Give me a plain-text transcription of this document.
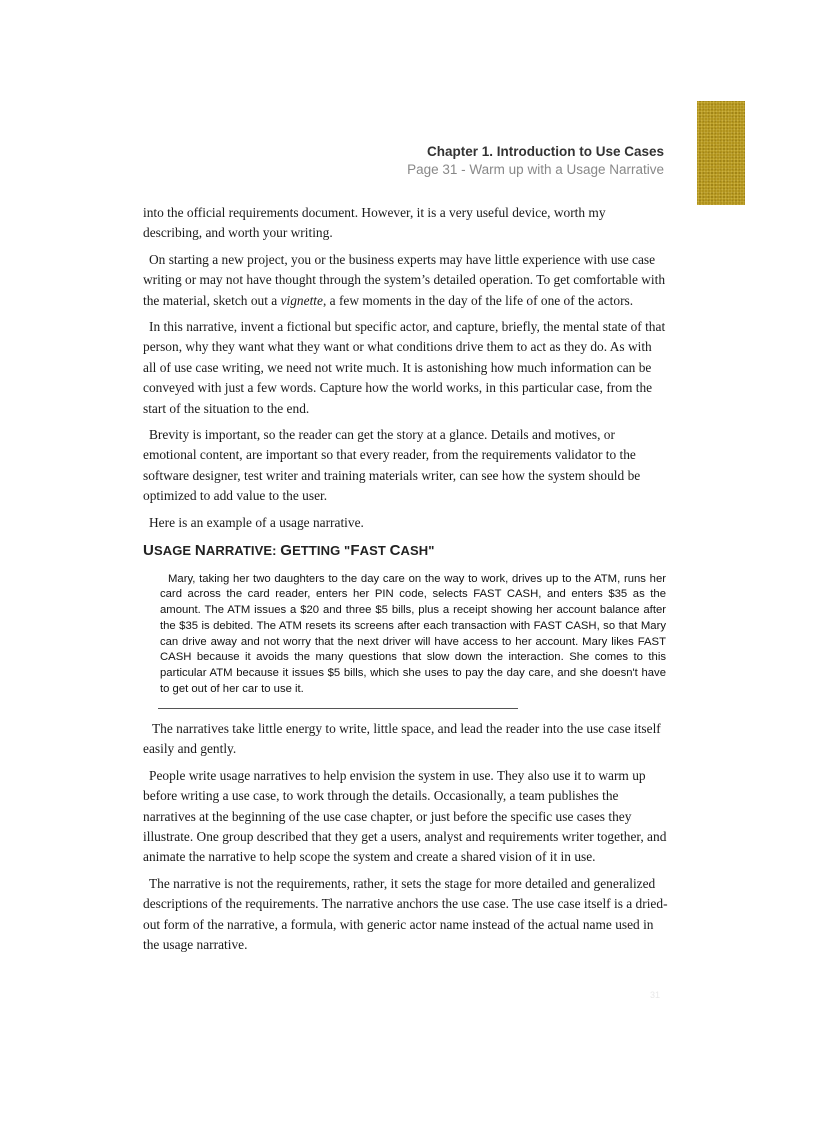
Chapter 1. Introduction to Use Cases
Page 31 - Warm up with a Usage Narrative

into the official requirements document. However, it is a very useful device, worth my describing, and worth your writing.

On starting a new project, you or the business experts may have little experience with use case writing or may not have thought through the system’s detailed operation. To get comfortable with the material, sketch out a vignette, a few moments in the day of the life of one of the actors.

In this narrative, invent a fictional but specific actor, and capture, briefly, the mental state of that person, why they want what they want or what conditions drive them to act as they do. As with all of use case writing, we need not write much. It is astonishing how much information can be conveyed with just a few words. Capture how the world works, in this particular case, from the start of the situation to the end.

Brevity is important, so the reader can get the story at a glance. Details and motives, or emotional content, are important so that every reader, from the requirements validator to the software designer, test writer and training materials writer, can see how the system should be optimized to add value to the user.

Here is an example of a usage narrative.

USAGE NARRATIVE: GETTING "FAST CASH"
Mary, taking her two daughters to the day care on the way to work, drives up to the ATM, runs her card across the card reader, enters her PIN code, selects FAST CASH, and enters $35 as the amount. The ATM issues a $20 and three $5 bills, plus a receipt showing her account balance after the $35 is debited. The ATM resets its screens after each transaction with FAST CASH, so that Mary can drive away and not worry that the next driver will have access to her account. Mary likes FAST CASH because it avoids the many questions that slow down the interaction. She comes to this particular ATM because it issues $5 bills, which she uses to pay the day care, and she doesn't have to get out of her car to use it.

The narratives take little energy to write, little space, and lead the reader into the use case itself easily and gently.

People write usage narratives to help envision the system in use. They also use it to warm up before writing a use case, to work through the details. Occasionally, a team publishes the narratives at the beginning of the use case chapter, or just before the specific use cases they illustrate. One group described that they get a users, analyst and requirements writer together, and animate the narrative to help scope the system and create a shared vision of it in use.

The narrative is not the requirements, rather, it sets the stage for more detailed and generalized descriptions of the requirements. The narrative anchors the use case. The use case itself is a dried-out form of the narrative, a formula, with generic actor name instead of the actual name used in the usage narrative.

31
